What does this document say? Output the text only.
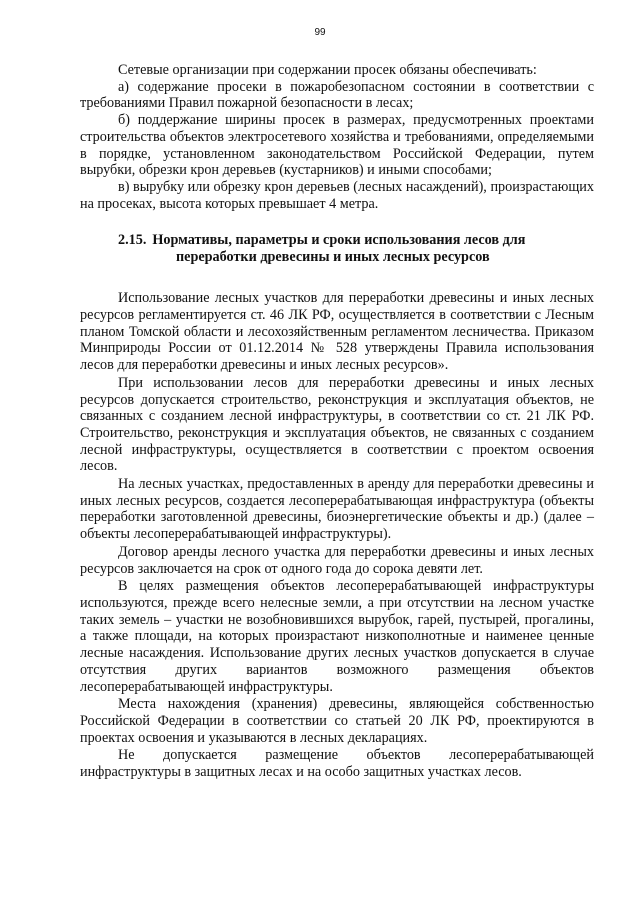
99

Сетевые организации при содержании просек обязаны обеспечивать:

а) содержание просеки в пожаробезопасном состоянии в соответствии с требованиями Правил пожарной безопасности в лесах;

б) поддержание ширины просек в размерах, предусмотренных проектами строительства объектов электросетевого хозяйства и требованиями, определяемыми в порядке, установленном законодательством Российской Федерации, путем вырубки, обрезки крон деревьев (кустарников) и иными способами;

в) вырубку или обрезку крон деревьев (лесных насаждений), произрастающих на просеках, высота которых превышает 4 метра.

2.15. Нормативы, параметры и сроки использования лесов для
переработки древесины и иных лесных ресурсов

Использование лесных участков для переработки древесины и иных лесных ресурсов регламентируется ст. 46 ЛК РФ, осуществляется в соответствии с Лесным планом Томской области и лесохозяйственным регламентом лесничества. Приказом Минприроды России от 01.12.2014 № 528 утверждены Правила использования лесов для переработки древесины и иных лесных ресурсов».

При использовании лесов для переработки древесины и иных лесных ресурсов допускается строительство, реконструкция и эксплуатация объектов, не связанных с созданием лесной инфраструктуры, в соответствии со ст. 21 ЛК РФ. Строительство, реконструкция и эксплуатация объектов, не связанных с созданием лесной инфраструктуры, осуществляется в соответствии с проектом освоения лесов.

На лесных участках, предоставленных в аренду для переработки древесины и иных лесных ресурсов, создается лесоперерабатывающая инфраструктура (объекты переработки заготовленной древесины, биоэнергетические объекты и др.) (далее – объекты лесоперерабатывающей инфраструктуры).

Договор аренды лесного участка для переработки древесины и иных лесных ресурсов заключается на срок от одного года до сорока девяти лет.

В целях размещения объектов лесоперерабатывающей инфраструктуры используются, прежде всего нелесные земли, а при отсутствии на лесном участке таких земель – участки не возобновившихся вырубок, гарей, пустырей, прогалины, а также площади, на которых произрастают низкополнотные и наименее ценные лесные насаждения. Использование других лесных участков допускается в случае отсутствия других вариантов возможного размещения объектов лесоперерабатывающей инфраструктуры.

Места нахождения (хранения) древесины, являющейся собственностью Российской Федерации в соответствии со статьей 20 ЛК РФ, проектируются в проектах освоения и указываются в лесных декларациях.

Не допускается размещение объектов лесоперерабатывающей инфраструктуры в защитных лесах и на особо защитных участках лесов.
